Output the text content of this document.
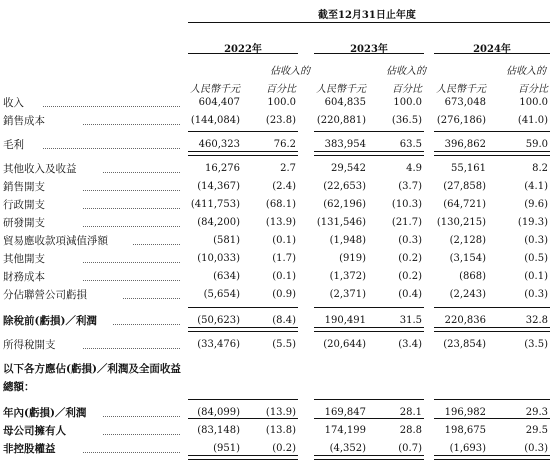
截至12月31日止年度
2022年	2023年	2024年
佔收入的	佔收入的	佔收入的
人民幣千元	百分比 人民幣千元	百分比 人民幣千元	百分比
收入	604,407	100.0	604,835	100.0	673,048	100.0
銷售成本	(144,084)	(23.8)	(220,881)	(36.5)	(276,186)	(41.0)
毛利	460,323	76.2	383,954	63.5	396,862	59.0
其他收入及收益	16,276	2.7	29,542	4.9	55,161	8.2
銷售開支	(14,367)	(2.4)	(22,653)	(3.7)	(27,858)	(4.1)
行政開支	(411,753)	(68.1)	(62,196)	(10.3)	(64,721)	(9.6)
研發開支	(84,200)	(13.9)	(131,546)	(21.7)	(130,215)	(19.3)
貿易應收款項減值淨額	(581)	(0.1)	(1,948)	(0.3)	(2,128)	(0.3)
其他開支	(10,033)	(1.7)	(919)	(0.2)	(3,154)	(0.5)
財務成本	(634)	(0.1)	(1,372)	(0.2)	(868)	(0.1)
分佔聯營公司虧損	(5,654)	(0.9)	(2,371)	(0.4)	(2,243)	(0.3)
除稅前(虧損)／利潤	(50,623)	(8.4)	190,491	31.5	220,836	32.8
所得稅開支	(33,476)	(5.5)	(20,644)	(3.4)	(23,854)	(3.5)
以下各方應佔(虧損)／利潤及全面收益
總額：
年內(虧損)／利潤	(84,099)	(13.9)	169,847	28.1	196,982	29.3
母公司擁有人	(83,148)	(13.8)	174,199	28.8	198,675	29.5
非控股權益	(951)	(0.2)	(4,352)	(0.7)	(1,693)	(0.3)
